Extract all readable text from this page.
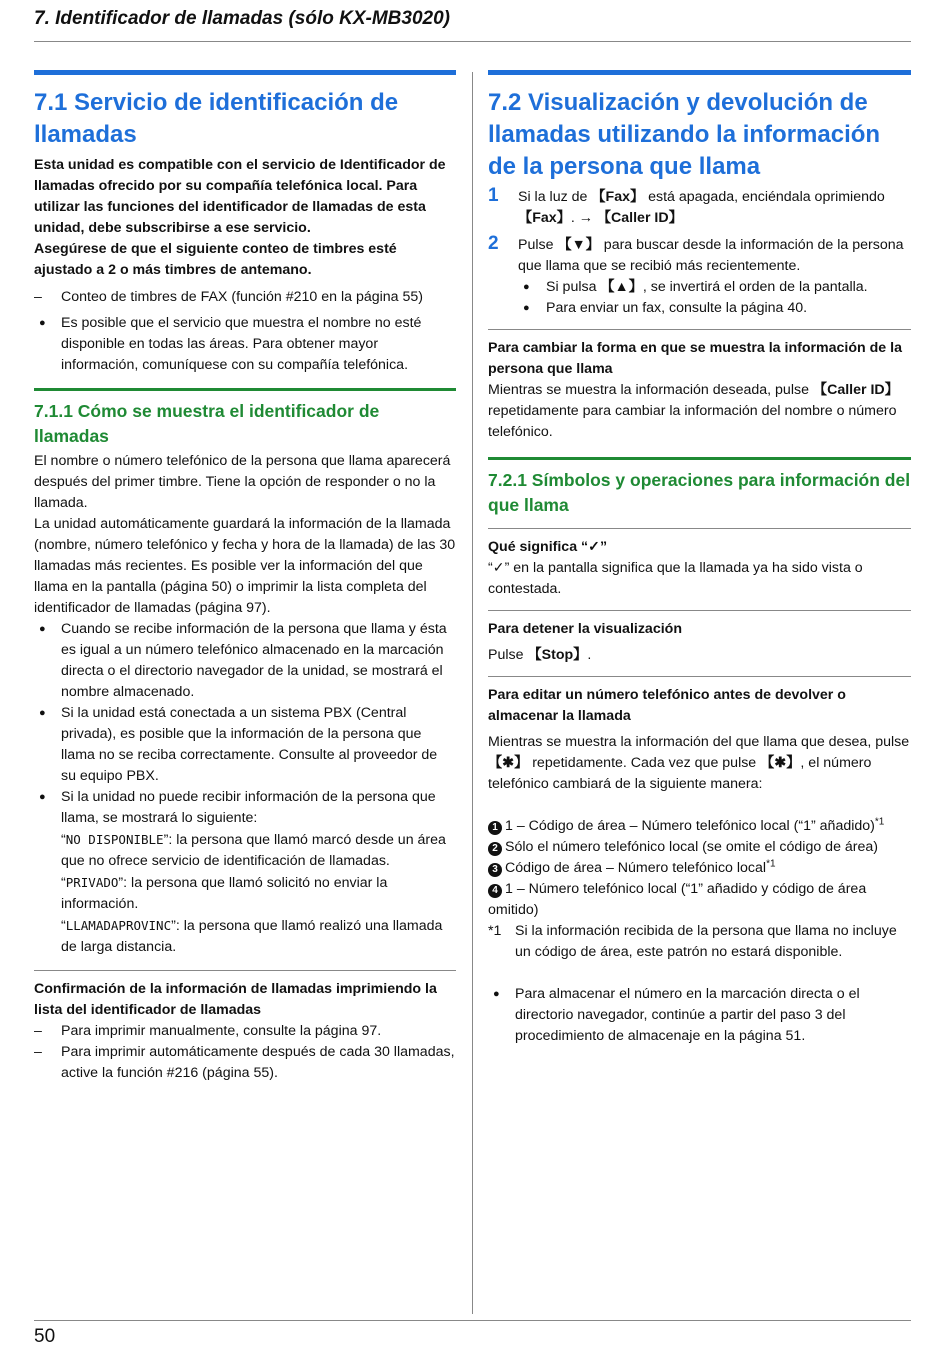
7. Identificador de llamadas (sólo KX-MB3020)
7.1 Servicio de identificación de llamadas

Esta unidad es compatible con el servicio de Identificador de llamadas ofrecido por su compañía telefónica local. Para utilizar las funciones del identificador de llamadas de esta unidad, debe subscribirse a ese servicio.

Asegúrese de que el siguiente conteo de timbres esté ajustado a 2 o más timbres de antemano.

– Conteo de timbres de FAX (función #210 en la página 55)
● Es posible que el servicio que muestra el nombre no esté disponible en todas las áreas. Para obtener mayor información, comuníquese con su compañía telefónica.
7.1.1 Cómo se muestra el identificador de llamadas

El nombre o número telefónico de la persona que llama aparecerá después del primer timbre. Tiene la opción de responder o no la llamada.

La unidad automáticamente guardará la información de la llamada (nombre, número telefónico y fecha y hora de la llamada) de las 30 llamadas más recientes. Es posible ver la información del que llama en la pantalla (página 50) o imprimir la lista completa del identificador de llamadas (página 97).

● Cuando se recibe información de la persona que llama y ésta es igual a un número telefónico almacenado en la marcación directa o el directorio navegador de la unidad, se mostrará el nombre almacenado.
● Si la unidad está conectada a un sistema PBX (Central privada), es posible que la información de la persona que llama no se reciba correctamente. Consulte al proveedor de su equipo PBX.
● Si la unidad no puede recibir información de la persona que llama, se mostrará lo siguiente:
“NO DISPONIBLE”: la persona que llamó marcó desde un área que no ofrece servicio de identificación de llamadas.
“PRIVADO”: la persona que llamó solicitó no enviar la información.
“LLAMADAPROVINC”: la persona que llamó realizó una llamada de larga distancia.

Confirmación de la información de llamadas imprimiendo la lista del identificador de llamadas

– Para imprimir manualmente, consulte la página 97.
– Para imprimir automáticamente después de cada 30 llamadas, active la función #216 (página 55).
7.2 Visualización y devolución de llamadas utilizando la información de la persona que llama
1 Si la luz de 【Fax】 está apagada, enciéndala oprimiendo 【Fax】. → 【Caller ID】
2 Pulse 【▼】 para buscar desde la información de la persona que llama que se recibió más recientemente.
● Si pulsa 【▲】, se invertirá el orden de la pantalla.
● Para enviar un fax, consulte la página 40.

Para cambiar la forma en que se muestra la información de la persona que llama

Mientras se muestra la información deseada, pulse 【Caller ID】 repetidamente para cambiar la información del nombre o número telefónico.

7.2.1 Símbolos y operaciones para información del que llama

Qué significa “✓”

“✓” en la pantalla significa que la llamada ya ha sido vista o contestada.

Para detener la visualización

Pulse 【Stop】.

Para editar un número telefónico antes de devolver o almacenar la llamada

Mientras se muestra la información del que llama que desea, pulse 【✱】 repetidamente. Cada vez que pulse 【✱】, el número telefónico cambiará de la siguiente manera:

1 1 – Código de área – Número telefónico local (“1” añadido)$^{*1}$
2 Sólo el número telefónico local (se omite el código de área)
3 Código de área – Número telefónico local$^{*1}$
4 1 – Número telefónico local (“1” añadido y código de área omitido)
*1 Si la información recibida de la persona que llama no incluye un código de área, este patrón no estará disponible.
● Para almacenar el número en la marcación directa o el directorio navegador, continúe a partir del paso 3 del procedimiento de almacenaje en la página 51.
50
